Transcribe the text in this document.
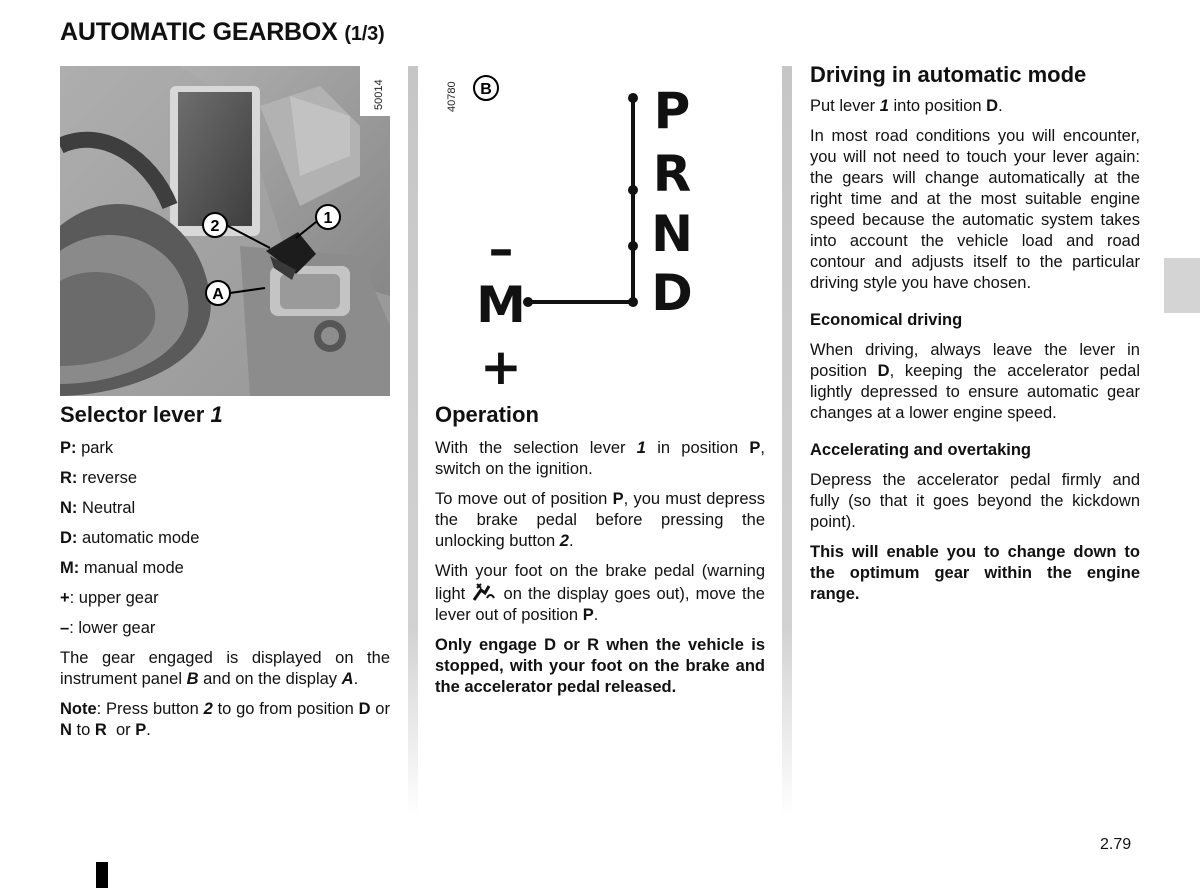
AUTOMATIC GEARBOX (1/3)
2	1
A
50014	40780 B	P
R
N
D
–
M
+
Selector lever 1

P: park

R: reverse

N: Neutral

D: automatic mode

M: manual mode

+: upper gear

–: lower gear

The gear engaged is displayed on the instrument panel B and on the display A.

Note: Press button 2 to go from position D or N to R or P.

Operation

With the selection lever 1 in position P, switch on the ignition.

To move out of position P, you must depress the brake pedal before pressing the unlocking button 2.

With your foot on the brake pedal (warning light on the display goes out), move the lever out of position P.

Only engage D or R when the vehicle is stopped, with your foot on the brake and the accelerator pedal released.

Driving in automatic mode

Put lever 1 into position D.

In most road conditions you will encounter, you will not need to touch your lever again: the gears will change automatically at the right time and at the most suitable engine speed because the automatic system takes into account the vehicle load and road contour and adjusts itself to the particular driving style you have chosen.

Economical driving

When driving, always leave the lever in position D, keeping the accelerator pedal lightly depressed to ensure automatic gear changes at a lower engine speed.

Accelerating and overtaking

Depress the accelerator pedal firmly and fully (so that it goes beyond the kickdown point).

This will enable you to change down to the optimum gear within the engine range.

2.79
